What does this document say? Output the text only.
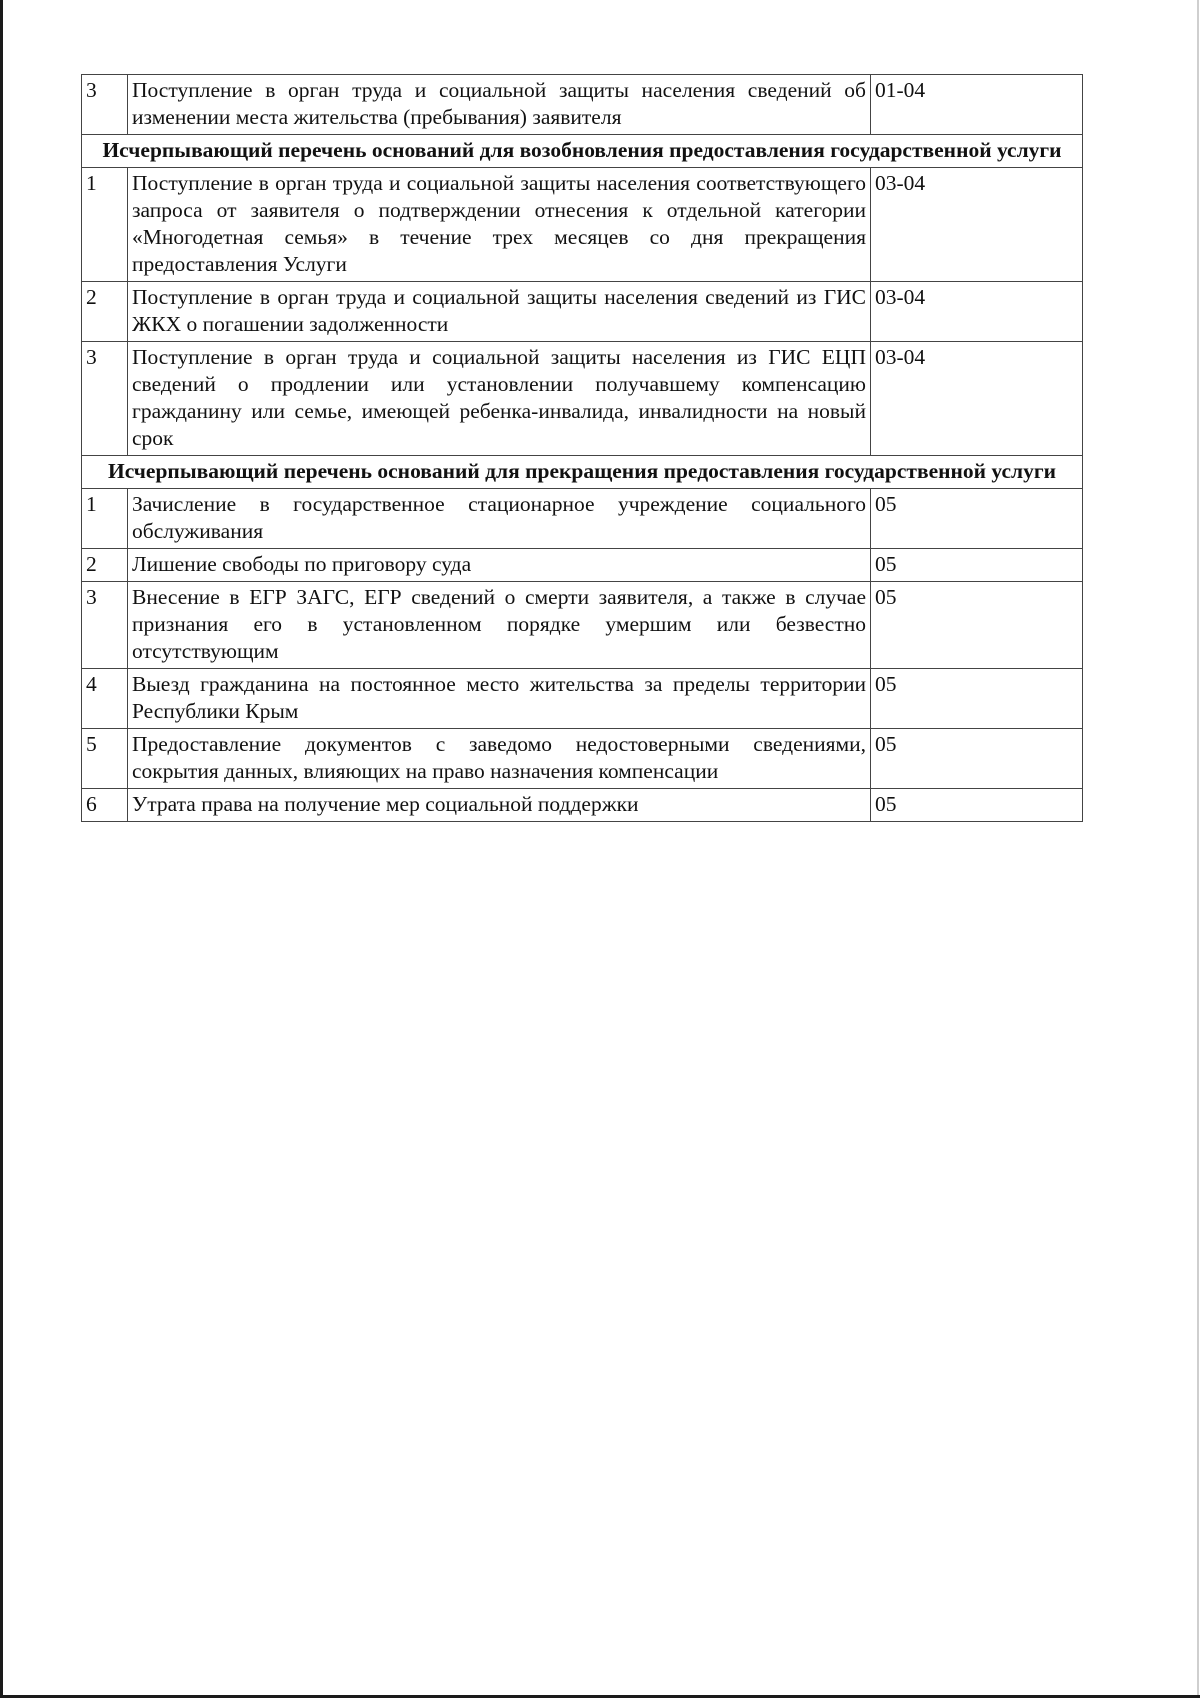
3	Поступление в орган труда и социальной защиты населения сведений об изменении места жительства (пребывания) заявителя	01-04
Исчерпывающий перечень оснований для возобновления предоставления государственной услуги		
1	Поступление в орган труда и социальной защиты населения соответствующего запроса от заявителя о подтверждении отнесения к отдельной категории «Многодетная семья» в течение трех месяцев со дня прекращения предоставления Услуги	03-04
2	Поступление в орган труда и социальной защиты населения сведений из ГИС ЖКХ о погашении задолженности	03-04
3	Поступление в орган труда и социальной защиты населения из ГИС ЕЦП сведений о продлении или установлении получавшему компенсацию гражданину или семье, имеющей ребенка-инвалида, инвалидности на новый срок	03-04
Исчерпывающий перечень оснований для прекращения предоставления государственной услуги		
1	Зачисление в государственное стационарное учреждение социального обслуживания	05
2	Лишение свободы по приговору суда	05
3	Внесение в ЕГР ЗАГС, ЕГР сведений о смерти заявителя, а также в случае признания его в установленном порядке умершим или безвестно отсутствующим	05
4	Выезд гражданина на постоянное место жительства за пределы территории Республики Крым	05
5	Предоставление документов с заведомо недостоверными сведениями, сокрытия данных, влияющих на право назначения компенсации	05
6	Утрата права на получение мер социальной поддержки	05
